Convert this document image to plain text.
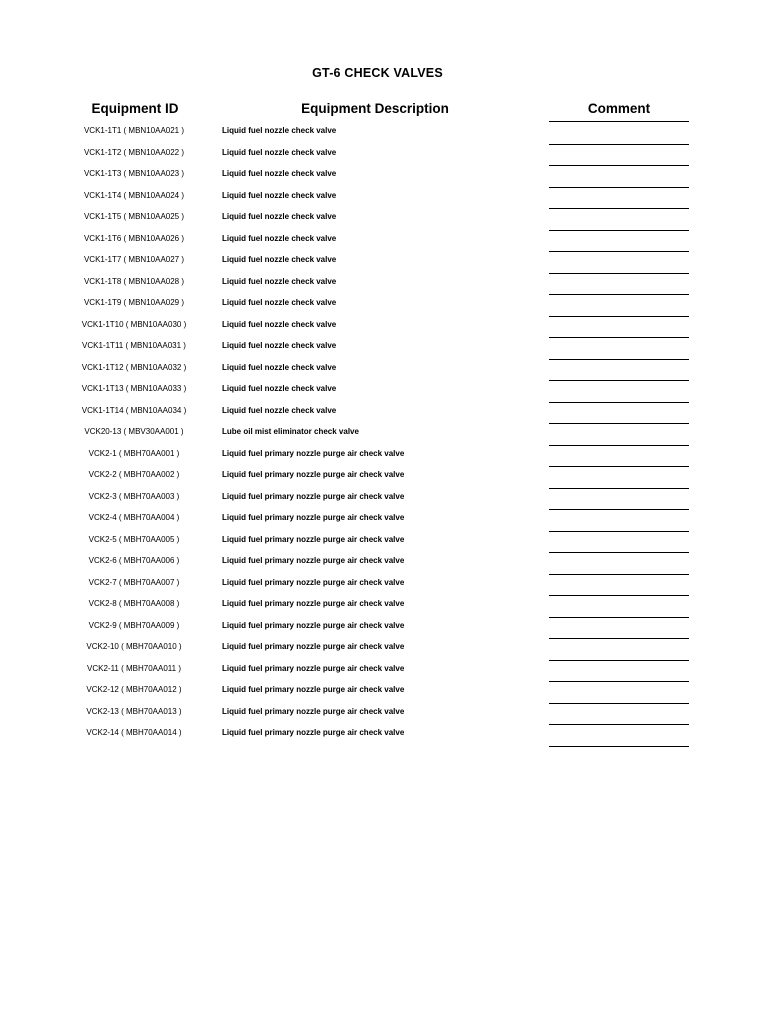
GT-6 CHECK VALVES
Equipment ID	Equipment Description	Comment
VCK1-1T1 ( MBN10AA021 )	Liquid fuel nozzle check valve
VCK1-1T2 ( MBN10AA022 )	Liquid fuel nozzle check valve
VCK1-1T3 ( MBN10AA023 )	Liquid fuel nozzle check valve
VCK1-1T4 ( MBN10AA024 )	Liquid fuel nozzle check valve
VCK1-1T5 ( MBN10AA025 )	Liquid fuel nozzle check valve
VCK1-1T6 ( MBN10AA026 )	Liquid fuel nozzle check valve
VCK1-1T7 ( MBN10AA027 )	Liquid fuel nozzle check valve
VCK1-1T8 ( MBN10AA028 )	Liquid fuel nozzle check valve
VCK1-1T9 ( MBN10AA029 )	Liquid fuel nozzle check valve
VCK1-1T10 ( MBN10AA030 )	Liquid fuel nozzle check valve
VCK1-1T11 ( MBN10AA031 )	Liquid fuel nozzle check valve
VCK1-1T12 ( MBN10AA032 )	Liquid fuel nozzle check valve
VCK1-1T13 ( MBN10AA033 )	Liquid fuel nozzle check valve
VCK1-1T14 ( MBN10AA034 )	Liquid fuel nozzle check valve
VCK20-13 ( MBV30AA001 )	Lube oil mist eliminator check valve
VCK2-1 ( MBH70AA001 )	Liquid fuel primary nozzle purge air check valve
VCK2-2 ( MBH70AA002 )	Liquid fuel primary nozzle purge air check valve
VCK2-3 ( MBH70AA003 )	Liquid fuel primary nozzle purge air check valve
VCK2-4 ( MBH70AA004 )	Liquid fuel primary nozzle purge air check valve
VCK2-5 ( MBH70AA005 )	Liquid fuel primary nozzle purge air check valve
VCK2-6 ( MBH70AA006 )	Liquid fuel primary nozzle purge air check valve
VCK2-7 ( MBH70AA007 )	Liquid fuel primary nozzle purge air check valve
VCK2-8 ( MBH70AA008 )	Liquid fuel primary nozzle purge air check valve
VCK2-9 ( MBH70AA009 )	Liquid fuel primary nozzle purge air check valve
VCK2-10 ( MBH70AA010 )	Liquid fuel primary nozzle purge air check valve
VCK2-11 ( MBH70AA011 )	Liquid fuel primary nozzle purge air check valve
VCK2-12 ( MBH70AA012 )	Liquid fuel primary nozzle purge air check valve
VCK2-13 ( MBH70AA013 )	Liquid fuel primary nozzle purge air check valve
VCK2-14 ( MBH70AA014 )	Liquid fuel primary nozzle purge air check valve
